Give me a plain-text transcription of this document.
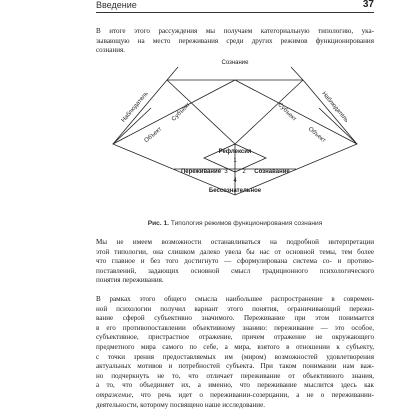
Введение	37

В итоге этого рассуждения мы получаем категориальную типологию, ука-
зывающую на место переживания среди других режимов функционирования
сознания.

Сознание
Наблюдатель	Субъект
Объект
Наблюдатель
Субъект
Объект
Рефлексия
1
Переживание 3 2 Сознавание
4
Бессознательное

Рис. 1. Типология режимов функционирования сознания

Мы не имеем возможности останавливаться на подробной интерпретации
этой типологии, она слишком далеко увела бы нас от основной темы, тем более
что главное и без того достигнуто — сформулирована система со- и противо-
поставлений, задающих основной смысл традиционного психологического
понятия переживания.

В рамках этого общего смысла наибольшее распространение в современ-
ной психологии получил вариант этого понятия, ограничивающий пережи-
вание сферой субъективно значимого. Переживание при этом понимается
в его противопоставлении объективному знанию: переживание — это особое,
субъективное, пристрастное отражение, причем отражение не окружающего
предметного мира самого по себе, а мира, взятого в отношении к субъекту,
с точки зрения предоставляемых им (миром) возможностей удовлетворения
актуальных мотивов и потребностей субъекта. При таком понимании нам важ-
но подчеркнуть не то, что отличает переживание от объективного знания,
а то, что объединяет их, а именно, что переживание мыслится здесь как
отражение, что речь идет о переживании-созерцании, а не о переживании-
деятельности, которому посвящено наше исследование.
